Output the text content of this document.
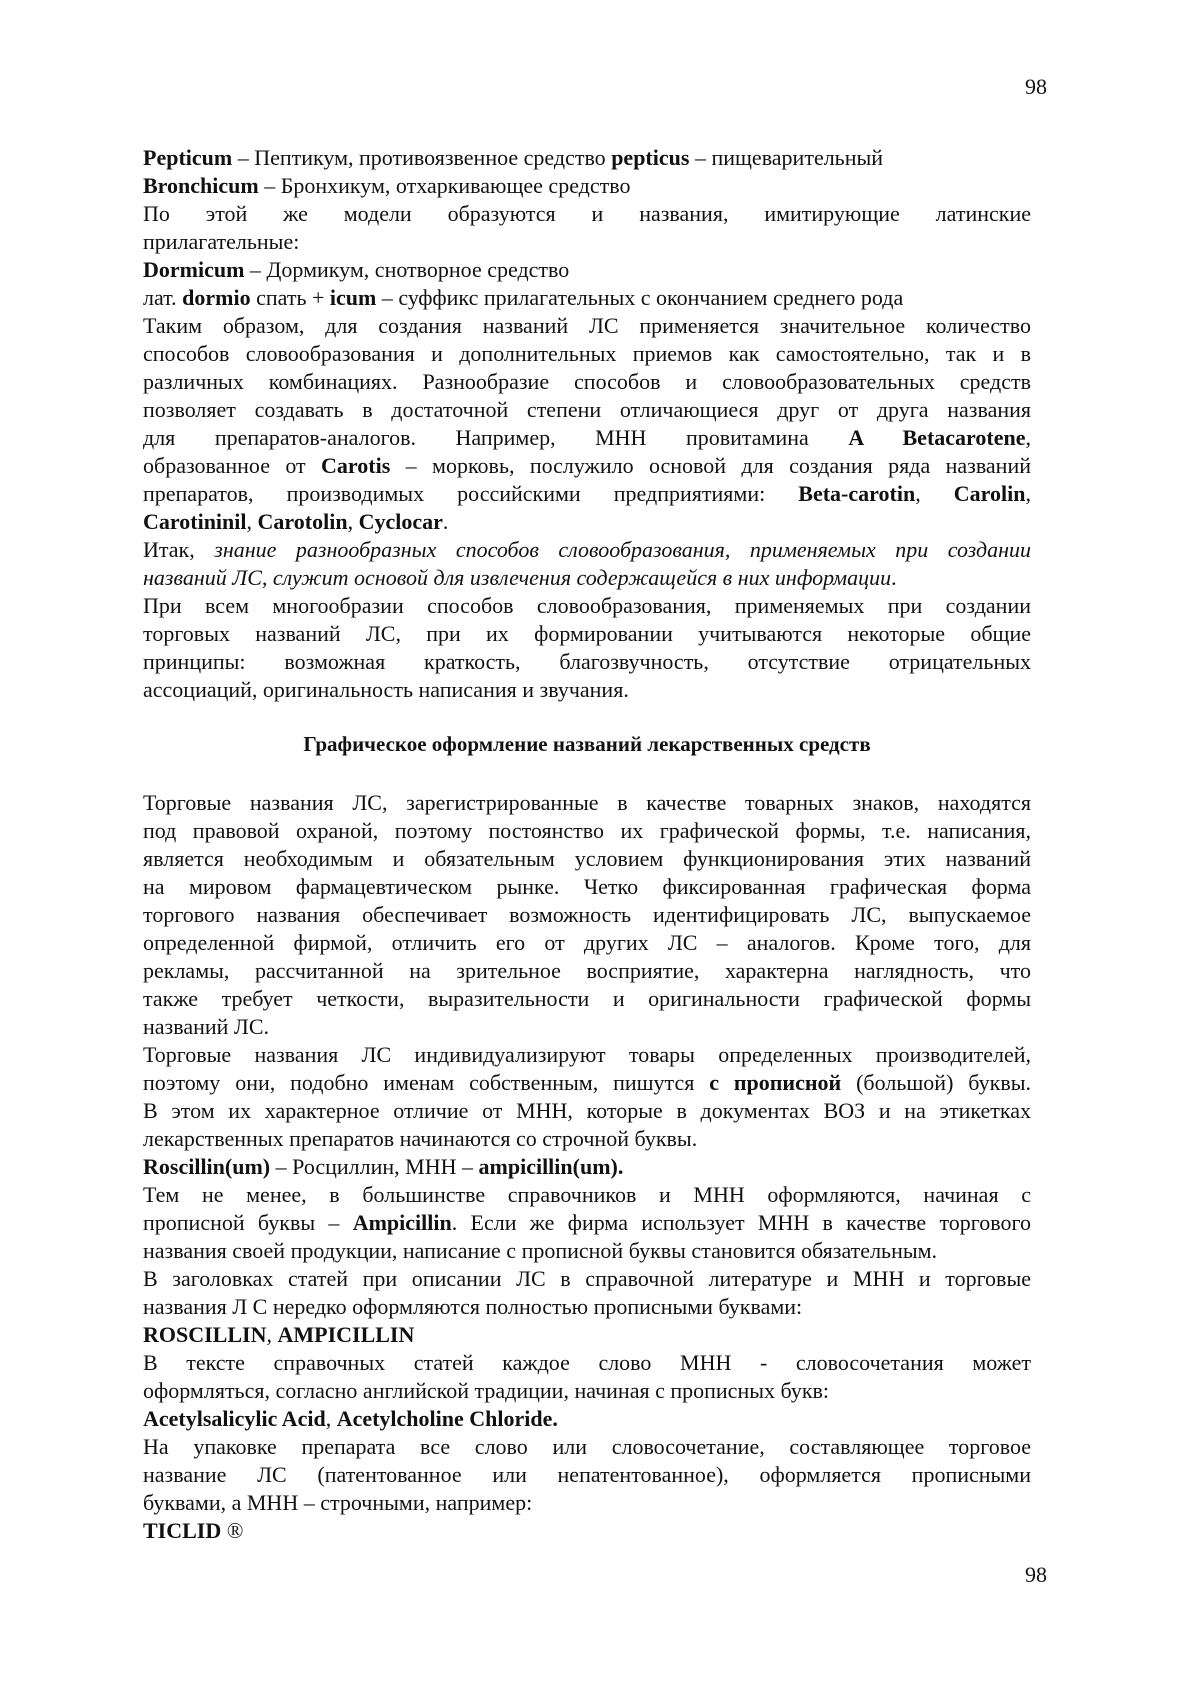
98
Pepticum – Пептикум, противоязвенное средство pepticus – пищеварительный
Bronchicum – Бронхикум, отхаркивающее средство
По этой же модели образуются и названия, имитирующие латинские
прилагательные:
Dormicum – Дормикум, снотворное средство
лат. dormio спать + icum – суффикс прилагательных с окончанием среднего рода
Таким образом, для создания названий ЛС применяется значительное количество
способов словообразования и дополнительных приемов как самостоятельно, так и в
различных комбинациях. Разнообразие способов и словообразовательных средств
позволяет создавать в достаточной степени отличающиеся друг от друга названия
для препаратов-аналогов. Например, МНН провитамина A Betacarotene,
образованное от Carotis – морковь, послужило основой для создания ряда названий
препаратов, производимых российскими предприятиями: Beta-carotin, Carolin,
Carotininil, Carotolin, Cyclocar.
Итак, знание разнообразных способов словообразования, применяемых при создании
названий ЛС, служит основой для извлечения содержащейся в них информации.
При всем многообразии способов словообразования, применяемых при создании
торговых названий ЛС, при их формировании учитываются некоторые общие
принципы: возможная краткость, благозвучность, отсутствие отрицательных
ассоциаций, оригинальность написания и звучания.
Графическое оформление названий лекарственных средств
Торговые названия ЛС, зарегистрированные в качестве товарных знаков, находятся
под правовой охраной, поэтому постоянство их графической формы, т.е. написания,
является необходимым и обязательным условием функционирования этих названий
на мировом фармацевтическом рынке. Четко фиксированная графическая форма
торгового названия обеспечивает возможность идентифицировать ЛС, выпускаемое
определенной фирмой, отличить его от других ЛС – аналогов. Кроме того, для
рекламы, рассчитанной на зрительное восприятие, характерна наглядность, что
также требует четкости, выразительности и оригинальности графической формы
названий ЛС.
Торговые названия ЛС индивидуализируют товары определенных производителей,
поэтому они, подобно именам собственным, пишутся с прописной (большой) буквы.
В этом их характерное отличие от МНН, которые в документах ВОЗ и на этикетках
лекарственных препаратов начинаются со строчной буквы.
Roscillin(um) – Росциллин, МНН – ampicillin(um).
Тем не менее, в большинстве справочников и МНН оформляются, начиная с
прописной буквы – Ampicillin. Если же фирма использует МНН в качестве торгового
названия своей продукции, написание с прописной буквы становится обязательным.
В заголовках статей при описании ЛС в справочной литературе и МНН и торговые
названия Л С нередко оформляются полностью прописными буквами:
ROSCILLIN, AMPICILLIN
В тексте справочных статей каждое слово МНН - словосочетания может
оформляться, согласно английской традиции, начиная с прописных букв:
Acetylsalicylic Acid, Acetylcholine Chloride.
На упаковке препарата все слово или словосочетание, составляющее торговое
название ЛС (патентованное или непатентованное), оформляется прописными
буквами, а МНН – строчными, например:
TICLID ®
98
